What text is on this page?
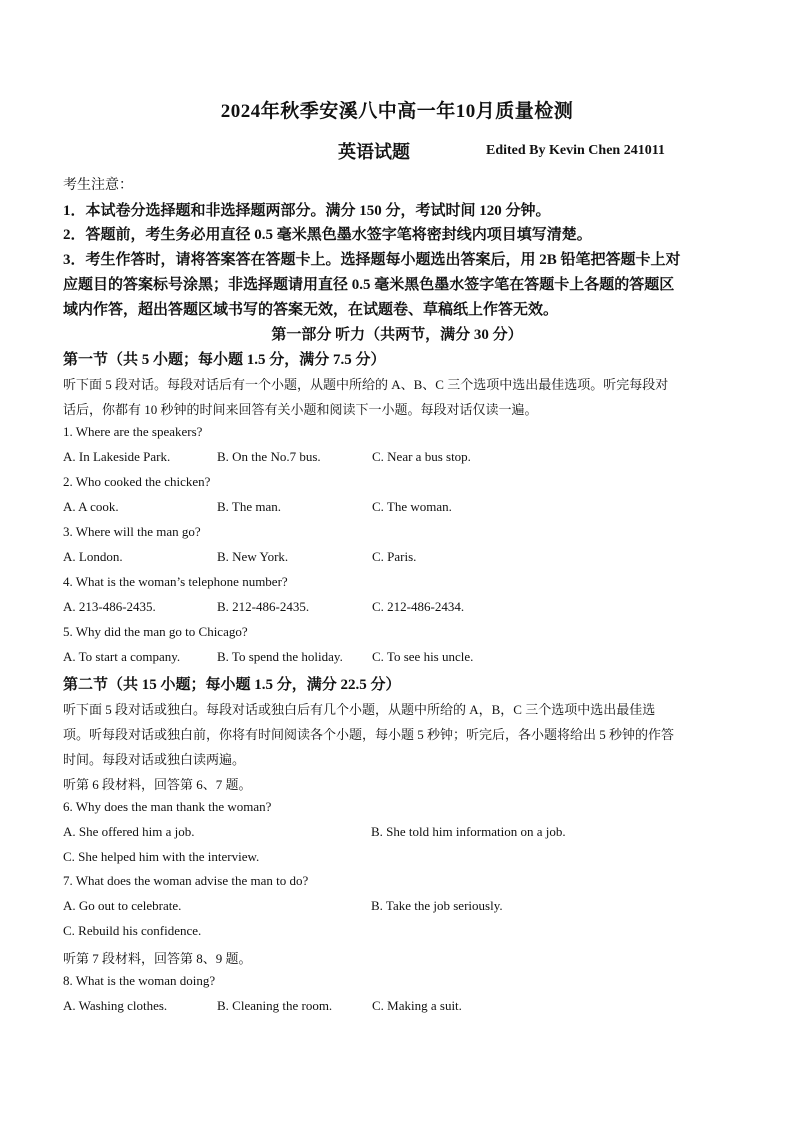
2024年秋季安溪八中高一年10月质量检测
英语试题	Edited By Kevin Chen 241011
考生注意：
1．本试卷分选择题和非选择题两部分。满分 150 分，考试时间 120 分钟。
2．答题前，考生务必用直径 0.5 毫米黑色墨水签字笔将密封线内项目填写清楚。
3．考生作答时，请将答案答在答题卡上。选择题每小题选出答案后，用 2B 铅笔把答题卡上对
应题目的答案标号涂黑；非选择题请用直径 0.5 毫米黑色墨水签字笔在答题卡上各题的答题区
域内作答，超出答题区域书写的答案无效，在试题卷、草稿纸上作答无效。
第一部分 听力（共两节，满分 30 分）
第一节（共 5 小题；每小题 1.5 分，满分 7.5 分）
听下面 5 段对话。每段对话后有一个小题，从题中所给的 A、B、C 三个选项中选出最佳选项。听完每段对
话后，你都有 10 秒钟的时间来回答有关小题和阅读下一小题。每段对话仅读一遍。
1. Where are the speakers?
A. In Lakeside Park.	B. On the No.7 bus.	C. Near a bus stop.
2. Who cooked the chicken?
A. A cook.	B. The man.	C. The woman.
3. Where will the man go?
A. London.	B. New York.	C. Paris.
4. What is the woman’s telephone number?
A. 213-486-2435.	B. 212-486-2435.	C. 212-486-2434.
5. Why did the man go to Chicago?
A. To start a company.	B. To spend the holiday. C. To see his uncle.
第二节（共 15 小题；每小题 1.5 分，满分 22.5 分）
听下面 5 段对话或独白。每段对话或独白后有几个小题，从题中所给的 A，B，C 三个选项中选出最佳选
项。听每段对话或独白前，你将有时间阅读各个小题，每小题 5 秒钟；听完后，各小题将给出 5 秒钟的作答
时间。每段对话或独白读两遍。
听第 6 段材料，回答第 6、7 题。
6. Why does the man thank the woman?
A. She offered him a job.	B. She told him information on a job.
C. She helped him with the interview.
7. What does the woman advise the man to do?
A. Go out to celebrate.	B. Take the job seriously.
C. Rebuild his confidence.
听第 7 段材料，回答第 8、9 题。
8. What is the woman doing?
A. Washing clothes.	B. Cleaning the room.	C. Making a suit.
